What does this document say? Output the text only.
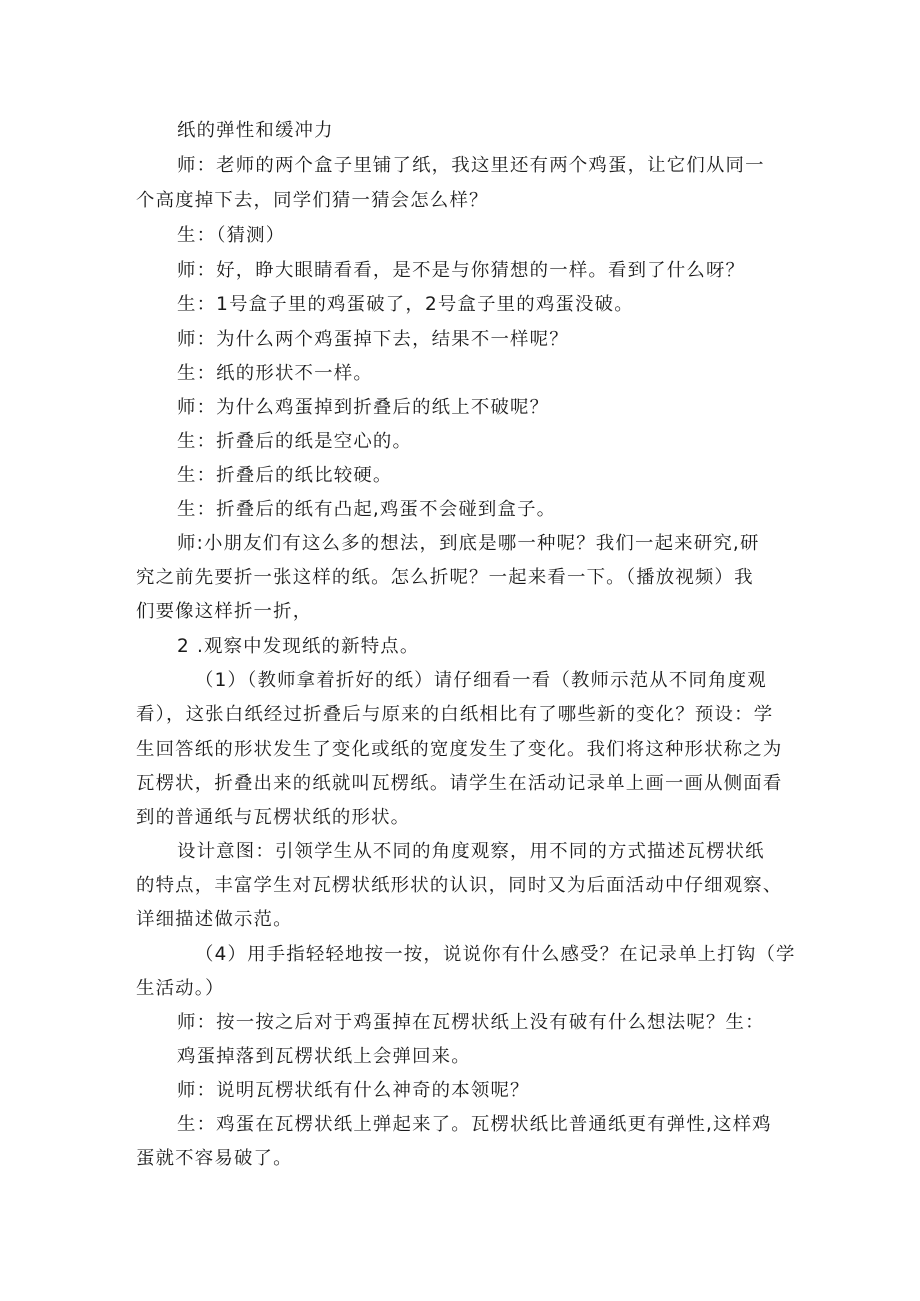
纸的弹性和缓冲力
师：老师的两个盒子里铺了纸，我这里还有两个鸡蛋，让它们从同一
个高度掉下去，同学们猜一猜会怎么样？
生：（猜测）
师：好，睁大眼睛看看，是不是与你猜想的一样。看到了什么呀？
生：1号盒子里的鸡蛋破了，2号盒子里的鸡蛋没破。
师：为什么两个鸡蛋掉下去，结果不一样呢？
生：纸的形状不一样。
师：为什么鸡蛋掉到折叠后的纸上不破呢？
生：折叠后的纸是空心的。
生：折叠后的纸比较硬。
生：折叠后的纸有凸起,鸡蛋不会碰到盒子。
师:小朋友们有这么多的想法，到底是哪一种呢？我们一起来研究,研
究之前先要折一张这样的纸。怎么折呢？一起来看一下。（播放视频）我
们要像这样折一折，
2 .观察中发现纸的新特点。
（1）（教师拿着折好的纸）请仔细看一看（教师示范从不同角度观
看），这张白纸经过折叠后与原来的白纸相比有了哪些新的变化？预设：学
生回答纸的形状发生了变化或纸的宽度发生了变化。我们将这种形状称之为
瓦楞状，折叠出来的纸就叫瓦楞纸。请学生在活动记录单上画一画从侧面看
到的普通纸与瓦楞状纸的形状。
设计意图：引领学生从不同的角度观察，用不同的方式描述瓦楞状纸
的特点，丰富学生对瓦楞状纸形状的认识，同时又为后面活动中仔细观察、
详细描述做示范。
（4）用手指轻轻地按一按，说说你有什么感受？在记录单上打钩（学
生活动。）
师：按一按之后对于鸡蛋掉在瓦楞状纸上没有破有什么想法呢？生：
鸡蛋掉落到瓦楞状纸上会弹回来。
师：说明瓦楞状纸有什么神奇的本领呢？
生：鸡蛋在瓦楞状纸上弹起来了。瓦楞状纸比普通纸更有弹性,这样鸡
蛋就不容易破了。
